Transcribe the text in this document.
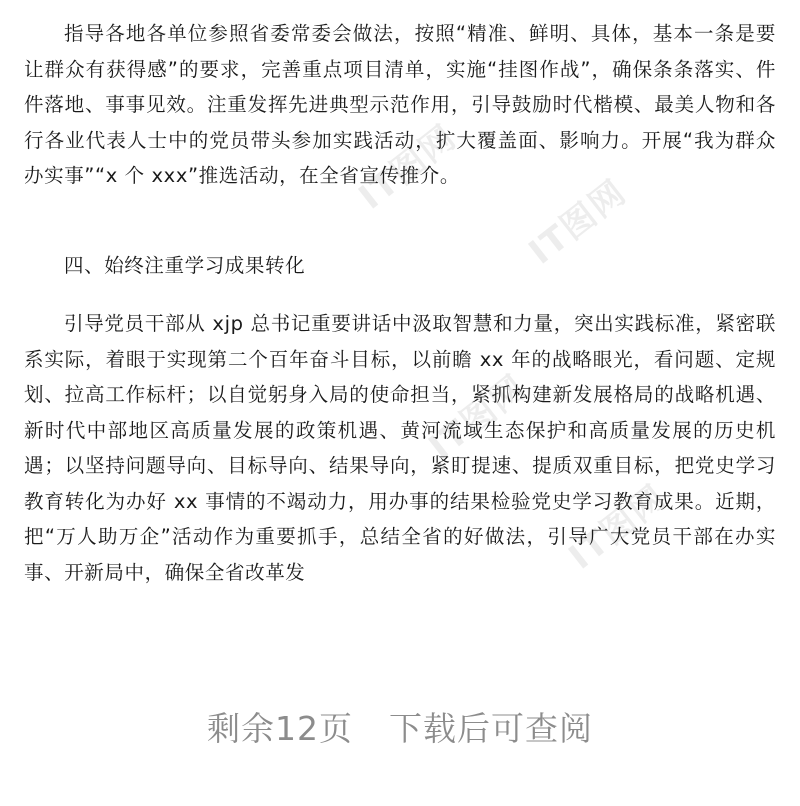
IT图网
IT图网
IT图网
IT图网

指导各地各单位参照省委常委会做法，按照“精准、鲜明、具体，基本一条是要让群众有获得感”的要求，完善重点项目清单，实施“挂图作战”，确保条条落实、件件落地、事事见效。注重发挥先进典型示范作用，引导鼓励时代楷模、最美人物和各行各业代表人士中的党员带头参加实践活动，扩大覆盖面、影响力。开展“我为群众办实事”“x 个 xxx”推选活动，在全省宣传推介。

四、始终注重学习成果转化

引导党员干部从 xjp 总书记重要讲话中汲取智慧和力量，突出实践标准，紧密联系实际，着眼于实现第二个百年奋斗目标，以前瞻 xx 年的战略眼光，看问题、定规划、拉高工作标杆；以自觉躬身入局的使命担当，紧抓构建新发展格局的战略机遇、新时代中部地区高质量发展的政策机遇、黄河流域生态保护和高质量发展的历史机遇；以坚持问题导向、目标导向、结果导向，紧盯提速、提质双重目标，把党史学习教育转化为办好 xx 事情的不竭动力，用办事的结果检验党史学习教育成果。近期，把“万人助万企”活动作为重要抓手，总结全省的好做法，引导广大党员干部在办实事、开新局中，确保全省改革发

剩余12页 下载后可查阅
